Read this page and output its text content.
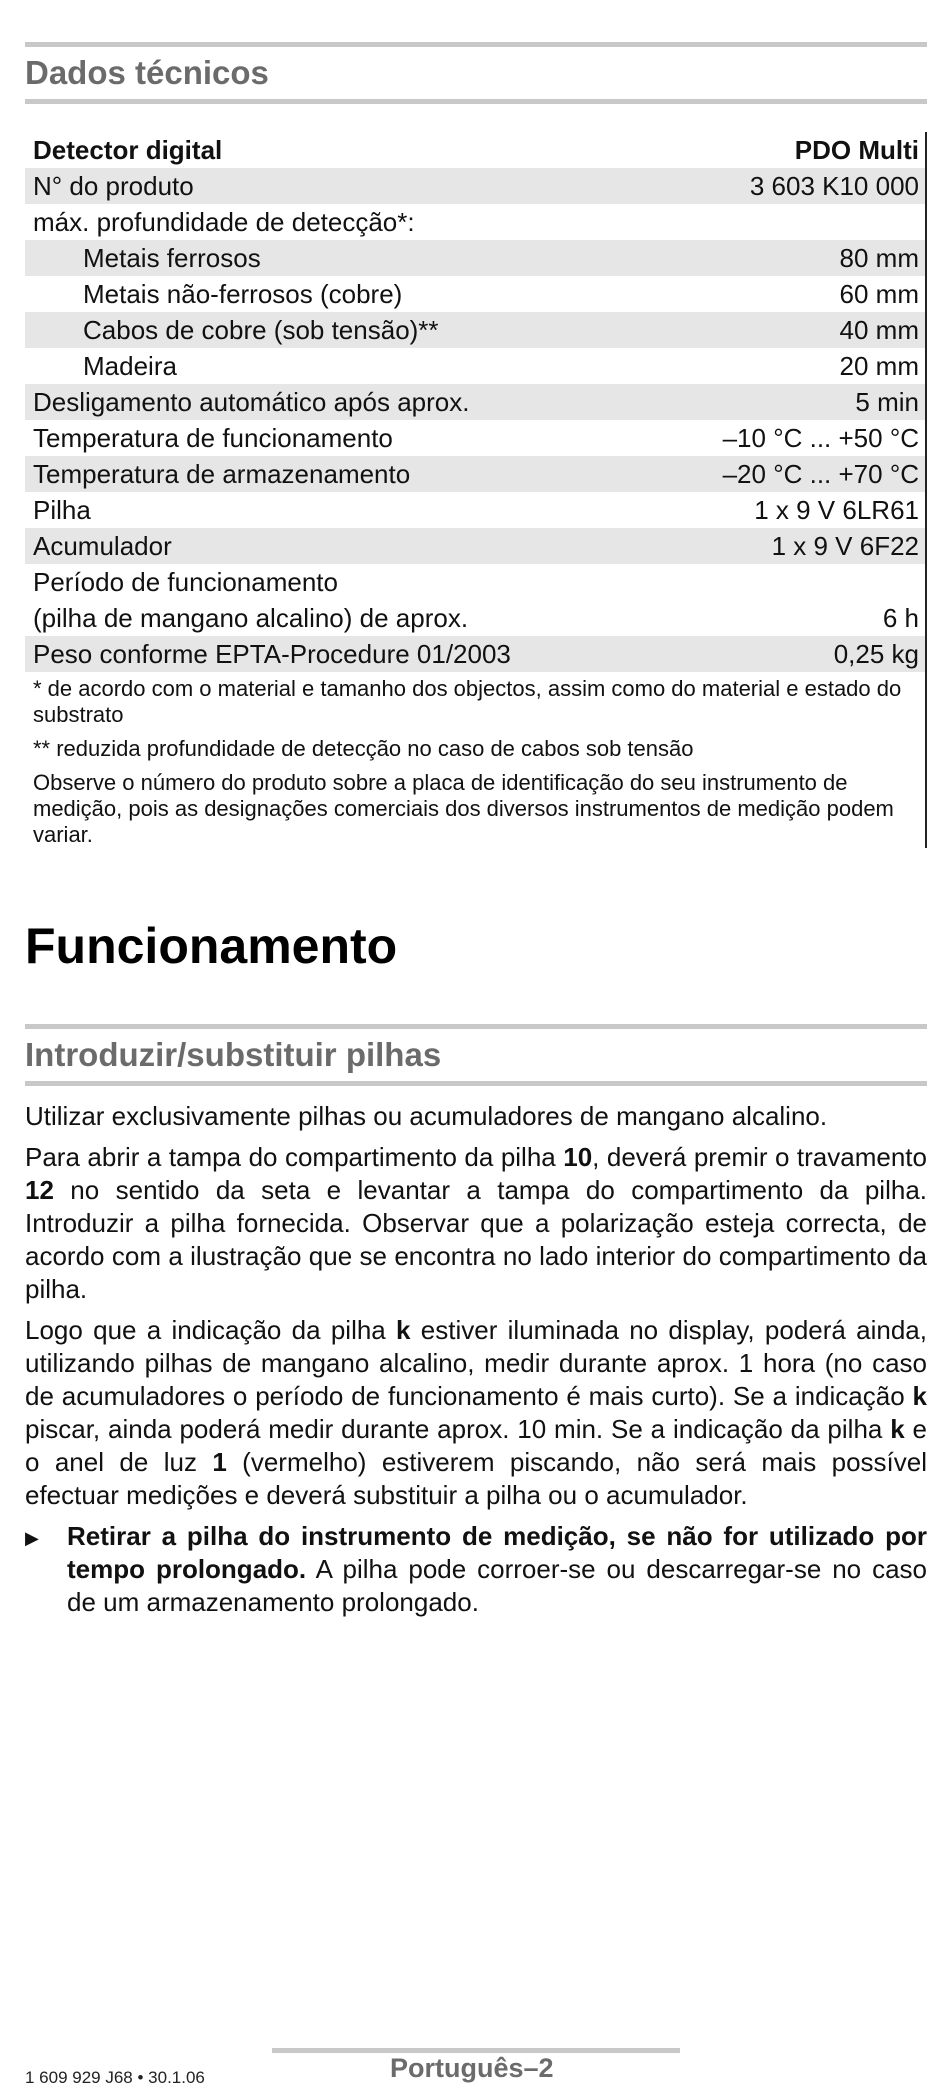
Dados técnicos
Detector digital	PDO Multi
N° do produto	3 603 K10 000
máx. profundidade de detecção*:	
Metais ferrosos	80 mm
Metais não-ferrosos (cobre)	60 mm
Cabos de cobre (sob tensão)**	40 mm
Madeira	20 mm
Desligamento automático após aprox.	5 min
Temperatura de funcionamento	–10 °C ... +50 °C
Temperatura de armazenamento	–20 °C ... +70 °C
Pilha	1 x 9 V 6LR61
Acumulador	1 x 9 V 6F22

Período de funcionamento
(pilha de mangano alcalino) de aprox.	6 h
Peso conforme EPTA-Procedure 01/2003	0,25 kg

* de acordo com o material e tamanho dos objectos, assim como do material e estado do substrato

** reduzida profundidade de detecção no caso de cabos sob tensão

Observe o número do produto sobre a placa de identificação do seu instrumento de medição, pois as designações comerciais dos diversos instrumentos de medição podem variar.

Funcionamento
Introduzir/substituir pilhas

Utilizar exclusivamente pilhas ou acumuladores de mangano alcalino.

Para abrir a tampa do compartimento da pilha 10, deverá premir o travamento 12 no sentido da seta e levantar a tampa do compartimento da pilha. Introduzir a pilha fornecida. Observar que a polarização esteja correcta, de acordo com a ilustração que se encontra no lado interior do compartimento da pilha.

Logo que a indicação da pilha k estiver iluminada no display, poderá ainda, utilizando pilhas de mangano alcalino, medir durante aprox. 1 hora (no caso de acumuladores o período de funcionamento é mais curto). Se a indicação k piscar, ainda poderá medir durante aprox. 10 min. Se a indicação da pilha k e o anel de luz 1 (vermelho) estiverem piscando, não será mais possível efectuar medições e deverá substituir a pilha ou o acumulador.

▶	Retirar a pilha do instrumento de medição, se não for utilizado por tempo prolongado. A pilha pode corroer-se ou descarregar-se no caso de um armazenamento prolongado.
Português–2
1 609 929 J68 • 30.1.06
